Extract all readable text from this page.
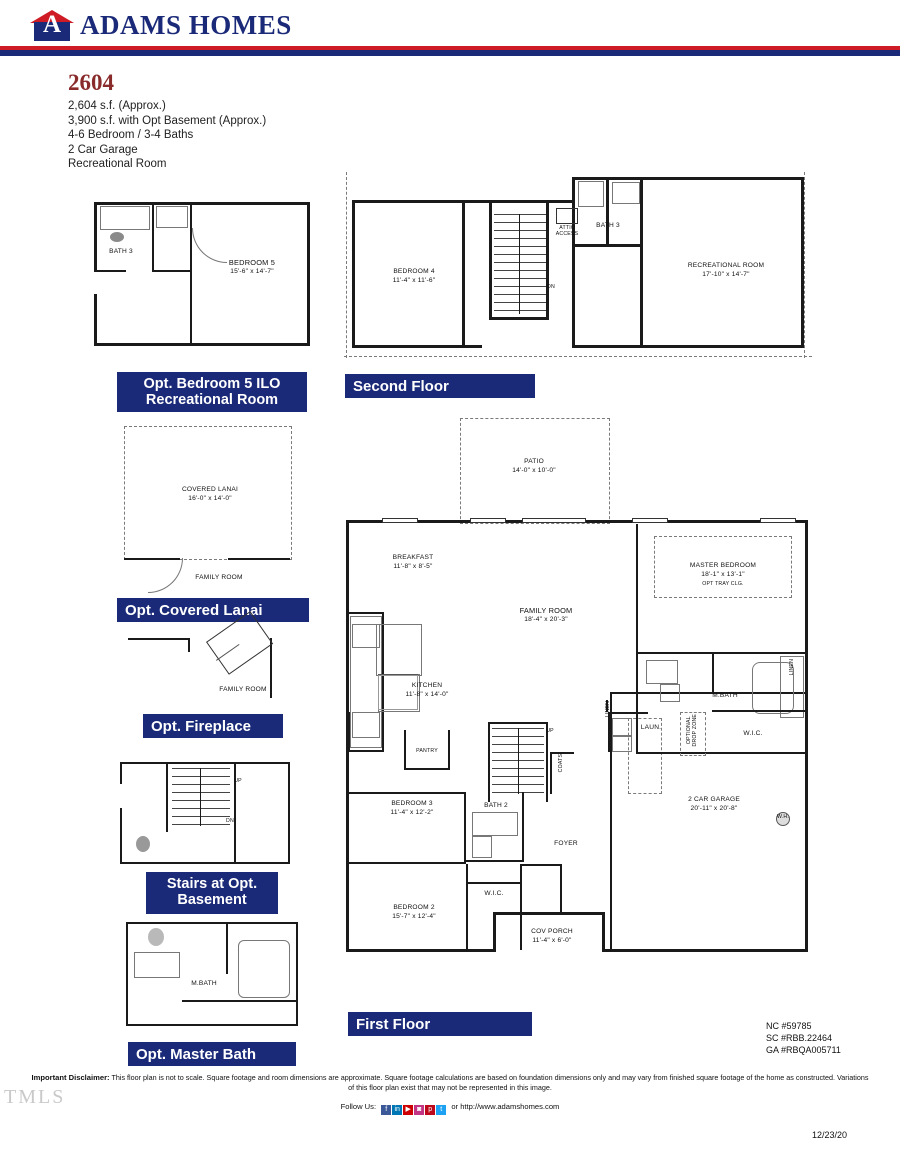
A ADAMS HOMES
2604
2,604 s.f. (Approx.)
3,900 s.f. with Opt Basement (Approx.)
4-6 Bedroom / 3-4 Baths
2 Car Garage
Recreational Room
BATH 3
BEDROOM 5
15'-6" x 14'-7"
Opt. Bedroom 5 ILO
Recreational Room
BEDROOM 4
11'-4" x 11'-6"
ATTIC ACCESS
DN
BATH 3
RECREATIONAL ROOM
17'-10" x 14'-7"
Second Floor
COVERED LANAI
16'-0" x 14'-0"
FAMILY ROOM
Opt. Covered Lanai
FAMILY ROOM
Opt. Fireplace
UP
DN
Stairs at Opt.
Basement
M.BATH
Opt. Master Bath
PATIO
14'-0" x 10'-0"
PANTRY
UP
COATS
2 CAR GARAGE
20'-11" x 20'-8"
W.H.
MASTER BEDROOM
18'-1" x 13'-1"
OPT TRAY CLG.
LINEN
M.BATH
W.I.C.
LAUN.	OPTIONAL DROP ZONE
LINEN
COV PORCH
11'-4" x 6'-0"
BREAKFAST
11'-8" x 8'-5"
FAMILY ROOM
18'-4" x 20'-3"
KITCHEN
11'-8" x 14'-0"
BEDROOM 3
11'-4" x 12'-2"
BATH 2
BEDROOM 2
15'-7" x 12'-4"
W.I.C.
FOYER
First Floor	NC #59785
SC #RBB.22464
GA #RBQA005711
TMLS
Important Disclaimer: This floor plan is not to scale. Square footage and room dimensions are approximate. Square footage calculations are based on foundation dimensions only and may vary from finished square footage of the home as constructed. Variations of this floor plan exist that may not be represented in this image.
Follow Us:	f	in ▶ ◙ p	t	or http://www.adamshomes.com
12/23/20
